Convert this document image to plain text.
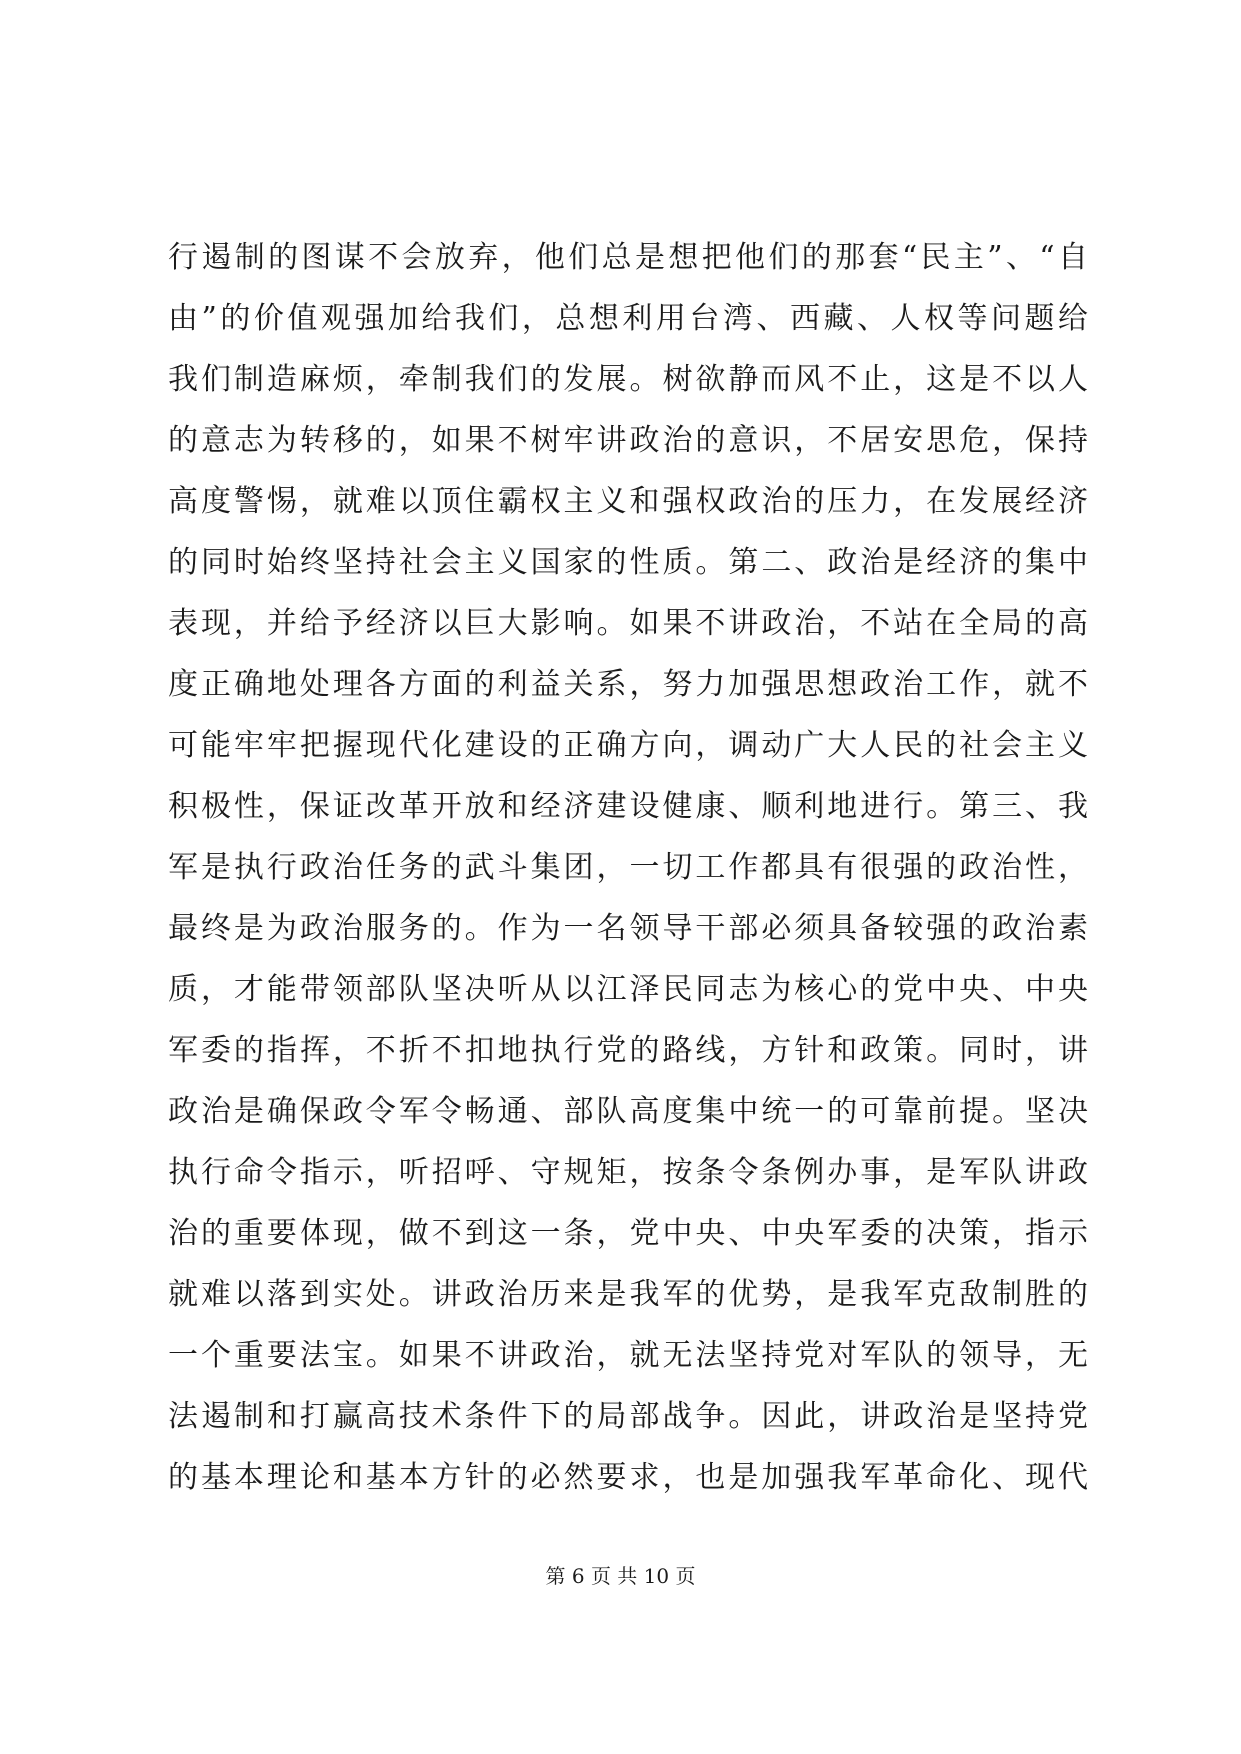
行遏制的图谋不会放弃，他们总是想把他们的那套“民主”、“自
由”的价值观强加给我们，总想利用台湾、西藏、人权等问题给
我们制造麻烦，牵制我们的发展。树欲静而风不止，这是不以人
的意志为转移的，如果不树牢讲政治的意识，不居安思危，保持
高度警惕，就难以顶住霸权主义和强权政治的压力，在发展经济
的同时始终坚持社会主义国家的性质。第二、政治是经济的集中
表现，并给予经济以巨大影响。如果不讲政治，不站在全局的高
度正确地处理各方面的利益关系，努力加强思想政治工作，就不
可能牢牢把握现代化建设的正确方向，调动广大人民的社会主义
积极性，保证改革开放和经济建设健康、顺利地进行。第三、我
军是执行政治任务的武斗集团，一切工作都具有很强的政治性，
最终是为政治服务的。作为一名领导干部必须具备较强的政治素
质，才能带领部队坚决听从以江泽民同志为核心的党中央、中央
军委的指挥，不折不扣地执行党的路线，方针和政策。同时，讲
政治是确保政令军令畅通、部队高度集中统一的可靠前提。坚决
执行命令指示，听招呼、守规矩，按条令条例办事，是军队讲政
治的重要体现，做不到这一条，党中央、中央军委的决策，指示
就难以落到实处。讲政治历来是我军的优势，是我军克敌制胜的
一个重要法宝。如果不讲政治，就无法坚持党对军队的领导，无
法遏制和打赢高技术条件下的局部战争。因此，讲政治是坚持党
的基本理论和基本方针的必然要求，也是加强我军革命化、现代
第 6 页 共 10 页
